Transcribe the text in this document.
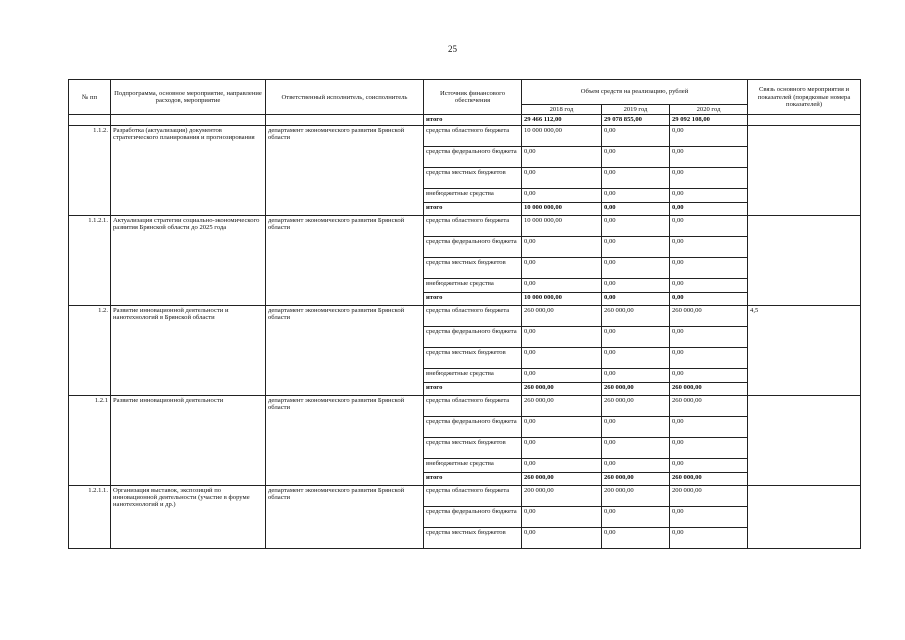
25
№ пп	Подпрограмма, основное мероприятие, направление расходов, мероприятие	Ответственный исполнитель, соисполнитель	Источник финансового обеспечения	Объем средств на реализацию, рублей			Связь основного мероприятия и показателей (порядковые номера показателей)
				2018 год	2019 год	2020 год	
			итого	29 466 112,00	29 078 855,00	29 092 108,00	
1.1.2.	Разработка (актуализация) документов стратегического планирования и прогнозирования	департамент экономического развития Брянской области	средства областного бюджета	10 000 000,00	0,00	0,00	
			средства федерального бюджета	0,00	0,00	0,00	
			средства местных бюджетов	0,00	0,00	0,00	
			внебюджетные средства	0,00	0,00	0,00	
			итого	10 000 000,00	0,00	0,00	
1.1.2.1.	Актуализация стратегии социально-экономического развития Брянской области до 2025 года	департамент экономического развития Брянской области	средства областного бюджета	10 000 000,00	0,00	0,00	
			средства федерального бюджета	0,00	0,00	0,00	
			средства местных бюджетов	0,00	0,00	0,00	
			внебюджетные средства	0,00	0,00	0,00	
			итого	10 000 000,00	0,00	0,00	
1.2.	Развитие инновационной деятельности и нанотехнологий в Брянской области	департамент экономического развития Брянской области	средства областного бюджета	260 000,00	260 000,00	260 000,00	4,5
			средства федерального бюджета	0,00	0,00	0,00	
			средства местных бюджетов	0,00	0,00	0,00	
			внебюджетные средства	0,00	0,00	0,00	
			итого	260 000,00	260 000,00	260 000,00	
1.2.1	Развитие инновационной деятельности	департамент экономического развития Брянской области	средства областного бюджета	260 000,00	260 000,00	260 000,00	
			средства федерального бюджета	0,00	0,00	0,00	
			средства местных бюджетов	0,00	0,00	0,00	
			внебюджетные средства	0,00	0,00	0,00	
			итого	260 000,00	260 000,00	260 000,00	
1.2.1.1.	Организация выставок, экспозиций по инновационной деятельности (участие в форуме нанотехнологий и др.)	департамент экономического развития Брянской области	средства областного бюджета	200 000,00	200 000,00	200 000,00	
			средства федерального бюджета	0,00	0,00	0,00	
			средства местных бюджетов	0,00	0,00	0,00	
